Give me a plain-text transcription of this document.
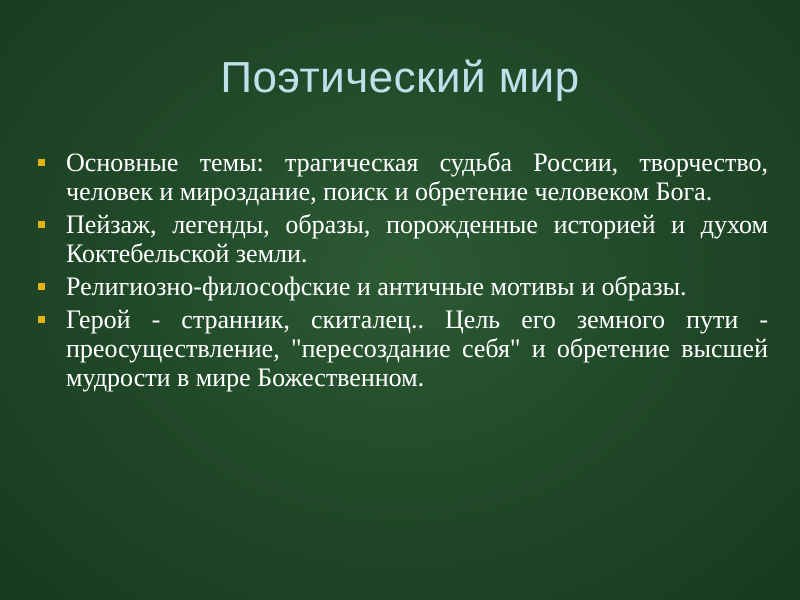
Поэтический мир
Основные темы: трагическая судьба России, творчество, человек и мироздание, поиск и обретение человеком Бога.
Пейзаж, легенды, образы, порожденные историей и духом Коктебельской земли.
Религиозно-философские и античные мотивы и образы.
Герой - странник, скиталец.. Цель его земного пути - преосуществление, "пересоздание себя" и обретение высшей мудрости в мире Божественном.
